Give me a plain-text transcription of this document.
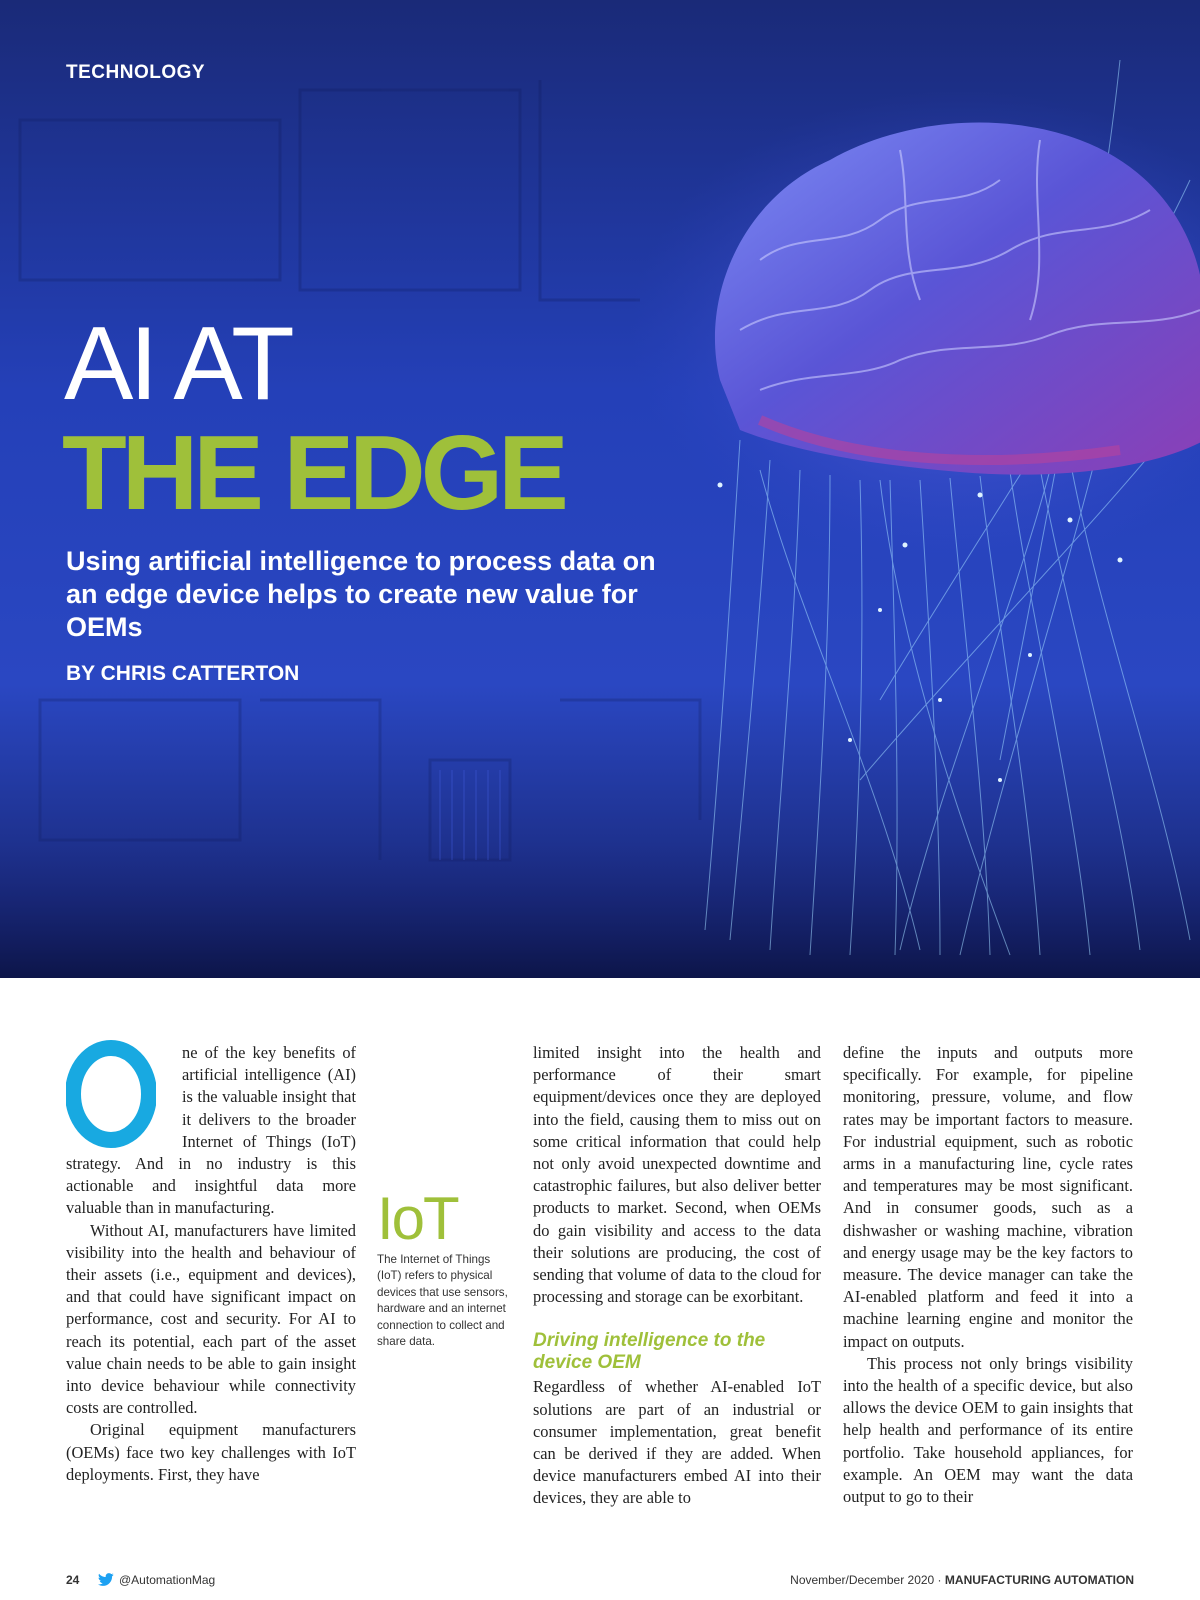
TECHNOLOGY
AI AT
THE EDGE
Using artificial intelligence to process data on an edge device helps to create new value for OEMs
BY CHRIS CATTERTON

ne of the key benefits of artificial intelligence (AI) is the valuable insight that it delivers to the broader Internet of Things (IoT) strategy. And in no industry is this actionable and insightful data more valuable than in manufacturing.

Without AI, manufacturers have limited visibility into the health and behaviour of their assets (i.e., equipment and devices), and that could have significant impact on performance, cost and security. For AI to reach its potential, each part of the asset value chain needs to be able to gain insight into device behaviour while connectivity costs are controlled.

Original equipment manufacturers (OEMs) face two key challenges with IoT deployments. First, they have

IoT
The Internet of Things (IoT) refers to physical devices that use sensors, hardware and an internet connection to collect and share data.

limited insight into the health and performance of their smart equipment/devices once they are deployed into the field, causing them to miss out on some critical information that could help not only avoid unexpected downtime and catastrophic failures, but also deliver better products to market. Second, when OEMs do gain visibility and access to the data their solutions are producing, the cost of sending that volume of data to the cloud for processing and storage can be exorbitant.

Driving intelligence to the device OEM

Regardless of whether AI-enabled IoT solutions are part of an industrial or consumer implementation, great benefit can be derived if they are added. When device manufacturers embed AI into their devices, they are able to

define the inputs and outputs more specifically. For example, for pipeline monitoring, pressure, volume, and flow rates may be important factors to measure. For industrial equipment, such as robotic arms in a manufacturing line, cycle rates and temperatures may be most significant. And in consumer goods, such as a dishwasher or washing machine, vibration and energy usage may be the key factors to measure. The device manager can take the AI-enabled platform and feed it into a machine learning engine and monitor the impact on outputs.

This process not only brings visibility into the health of a specific device, but also allows the device OEM to gain insights that help health and performance of its entire portfolio. Take household appliances, for example. An OEM may want the data output to go to their

24	@AutomationMag	November/December 2020 · MANUFACTURING AUTOMATION
